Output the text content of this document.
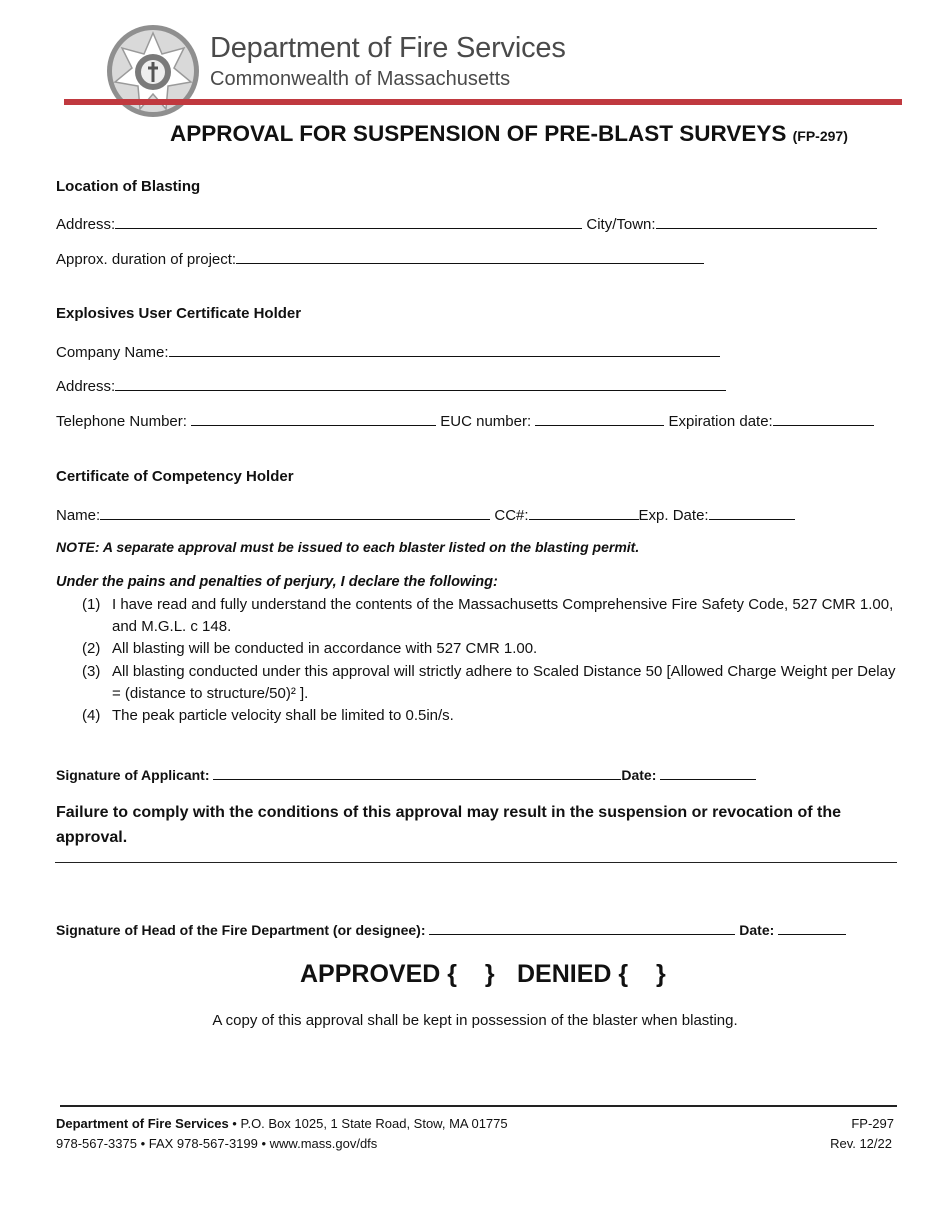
Department of Fire Services
Commonwealth of Massachusetts
APPROVAL FOR SUSPENSION OF PRE-BLAST SURVEYS (FP-297)
Location of Blasting
Address:	City/Town:
Approx. duration of project:
Explosives User Certificate Holder
Company Name:
Address:
Telephone Number:	EUC number:	Expiration date:
Certificate of Competency Holder
Name:	CC#:	Exp. Date:
NOTE: A separate approval must be issued to each blaster listed on the blasting permit.
Under the pains and penalties of perjury, I declare the following:
(1) I have read and fully understand the contents of the Massachusetts Comprehensive Fire Safety Code, 527 CMR 1.00, and M.G.L. c 148.
(2) All blasting will be conducted in accordance with 527 CMR 1.00.
(3) All blasting conducted under this approval will strictly adhere to Scaled Distance 50 [Allowed Charge Weight per Delay = (distance to structure/50)² ].
(4) The peak particle velocity shall be limited to 0.5in/s.
Signature of Applicant:	Date:
Failure to comply with the conditions of this approval may result in the suspension or revocation of the approval.
Signature of Head of the Fire Department (or designee):	Date:
APPROVED { } DENIED { }
A copy of this approval shall be kept in possession of the blaster when blasting.
Department of Fire Services • P.O. Box 1025, 1 State Road, Stow, MA 01775
978-567-3375 • FAX 978-567-3199 • www.mass.gov/dfs
FP-297
Rev. 12/22
